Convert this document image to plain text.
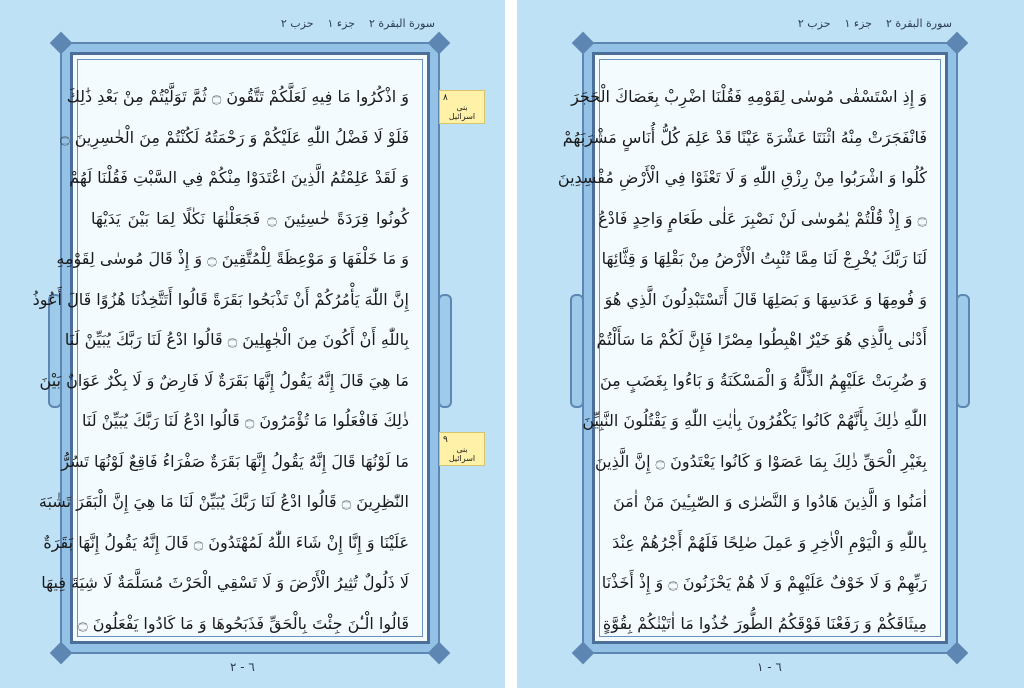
سورة البقرة ٢
جزء ١
حزب ٢
وَ اذْكُرُوا مَا فِيهِ لَعَلَّكُمْ تَتَّقُونَ ۝ ثُمَّ تَوَلَّيْتُمْ مِنْ بَعْدِ ذَٰلِكَ
فَلَوْ لَا فَضْلُ اللّٰهِ عَلَيْكُمْ وَ رَحْمَتُهُ لَكُنْتُمْ مِنَ الْخٰسِرِينَ ۝
وَ لَقَدْ عَلِمْتُمُ الَّذِينَ اعْتَدَوْا مِنْكُمْ فِي السَّبْتِ فَقُلْنَا لَهُمْ
كُونُوا قِرَدَةً خٰسِئِينَ ۝ فَجَعَلْنٰهَا نَكٰلًا لِمَا بَيْنَ يَدَيْهَا
وَ مَا خَلْفَهَا وَ مَوْعِظَةً لِلْمُتَّقِينَ ۝ وَ إِذْ قَالَ مُوسٰى لِقَوْمِهِ
إِنَّ اللّٰهَ يَأْمُرُكُمْ أَنْ تَذْبَحُوا بَقَرَةً قَالُوا أَتَتَّخِذُنَا هُزُوًا قَالَ أَعُوذُ
بِاللّٰهِ أَنْ أَكُونَ مِنَ الْجٰهِلِينَ ۝ قَالُوا ادْعُ لَنَا رَبَّكَ يُبَيِّنْ لَنَا
مَا هِيَ قَالَ إِنَّهُ يَقُولُ إِنَّهَا بَقَرَةٌ لَا فَارِضٌ وَ لَا بِكْرٌ عَوَانٌ بَيْنَ
ذٰلِكَ فَافْعَلُوا مَا تُؤْمَرُونَ ۝ قَالُوا ادْعُ لَنَا رَبَّكَ يُبَيِّنْ لَنَا
مَا لَوْنُهَا قَالَ إِنَّهُ يَقُولُ إِنَّهَا بَقَرَةٌ صَفْرَاءُ فَاقِعٌ لَوْنُهَا تَسُرُّ
النّٰظِرِينَ ۝ قَالُوا ادْعُ لَنَا رَبَّكَ يُبَيِّنْ لَنَا مَا هِيَ إِنَّ الْبَقَرَ تَشٰبَهَ
عَلَيْنَا وَ إِنَّا إِنْ شَاءَ اللّٰهُ لَمُهْتَدُونَ ۝ قَالَ إِنَّهُ يَقُولُ إِنَّهَا بَقَرَةٌ
لَا ذَلُولٌ تُثِيرُ الْأَرْضَ وَ لَا تَسْقِي الْحَرْثَ مُسَلَّمَةٌ لَا شِيَةَ فِيهَا
قَالُوا الْـٰٔنَ جِئْتَ بِالْحَقِّ فَذَبَحُوهَا وَ مَا كَادُوا يَفْعَلُونَ ۝
٦ - ٢
سورة البقرة ٢
جزء ١
حزب ٢
وَ إِذِ اسْتَسْقٰى مُوسٰى لِقَوْمِهِ فَقُلْنَا اضْرِبْ بِعَصَاكَ الْحَجَرَ
فَانْفَجَرَتْ مِنْهُ اثْنَتَا عَشْرَةَ عَيْنًا قَدْ عَلِمَ كُلُّ أُنَاسٍ مَشْرَبَهُمْ
كُلُوا وَ اشْرَبُوا مِنْ رِزْقِ اللّٰهِ وَ لَا تَعْثَوْا فِي الْأَرْضِ مُفْسِدِينَ
۝ وَ إِذْ قُلْتُمْ يٰمُوسٰى لَنْ نَصْبِرَ عَلٰى طَعَامٍ وَاحِدٍ فَادْعُ
لَنَا رَبَّكَ يُخْرِجْ لَنَا مِمَّا تُنْبِتُ الْأَرْضُ مِنْ بَقْلِهَا وَ قِثَّائِهَا
وَ فُومِهَا وَ عَدَسِهَا وَ بَصَلِهَا قَالَ أَتَسْتَبْدِلُونَ الَّذِي هُوَ
أَدْنٰى بِالَّذِي هُوَ خَيْرٌ اهْبِطُوا مِصْرًا فَإِنَّ لَكُمْ مَا سَأَلْتُمْ
وَ ضُرِبَتْ عَلَيْهِمُ الذِّلَّةُ وَ الْمَسْكَنَةُ وَ بَاءُوا بِغَضَبٍ مِنَ
اللّٰهِ ذٰلِكَ بِأَنَّهُمْ كَانُوا يَكْفُرُونَ بِاٰيٰتِ اللّٰهِ وَ يَقْتُلُونَ النَّبِيِّنَ
بِغَيْرِ الْحَقِّ ذٰلِكَ بِمَا عَصَوْا وَ كَانُوا يَعْتَدُونَ ۝ إِنَّ الَّذِينَ
اٰمَنُوا وَ الَّذِينَ هَادُوا وَ النَّصٰرٰى وَ الصّٰبِـِٔينَ مَنْ اٰمَنَ
بِاللّٰهِ وَ الْيَوْمِ الْاٰخِرِ وَ عَمِلَ صٰلِحًا فَلَهُمْ أَجْرُهُمْ عِنْدَ
رَبِّهِمْ وَ لَا خَوْفٌ عَلَيْهِمْ وَ لَا هُمْ يَحْزَنُونَ ۝ وَ إِذْ أَخَذْنَا
مِيثَاقَكُمْ وَ رَفَعْنَا فَوْقَكُمُ الطُّورَ خُذُوا مَا اٰتَيْنٰكُمْ بِقُوَّةٍ
٦ - ١
٨
بنى اسرائيل
٩
بنى اسرائيل
